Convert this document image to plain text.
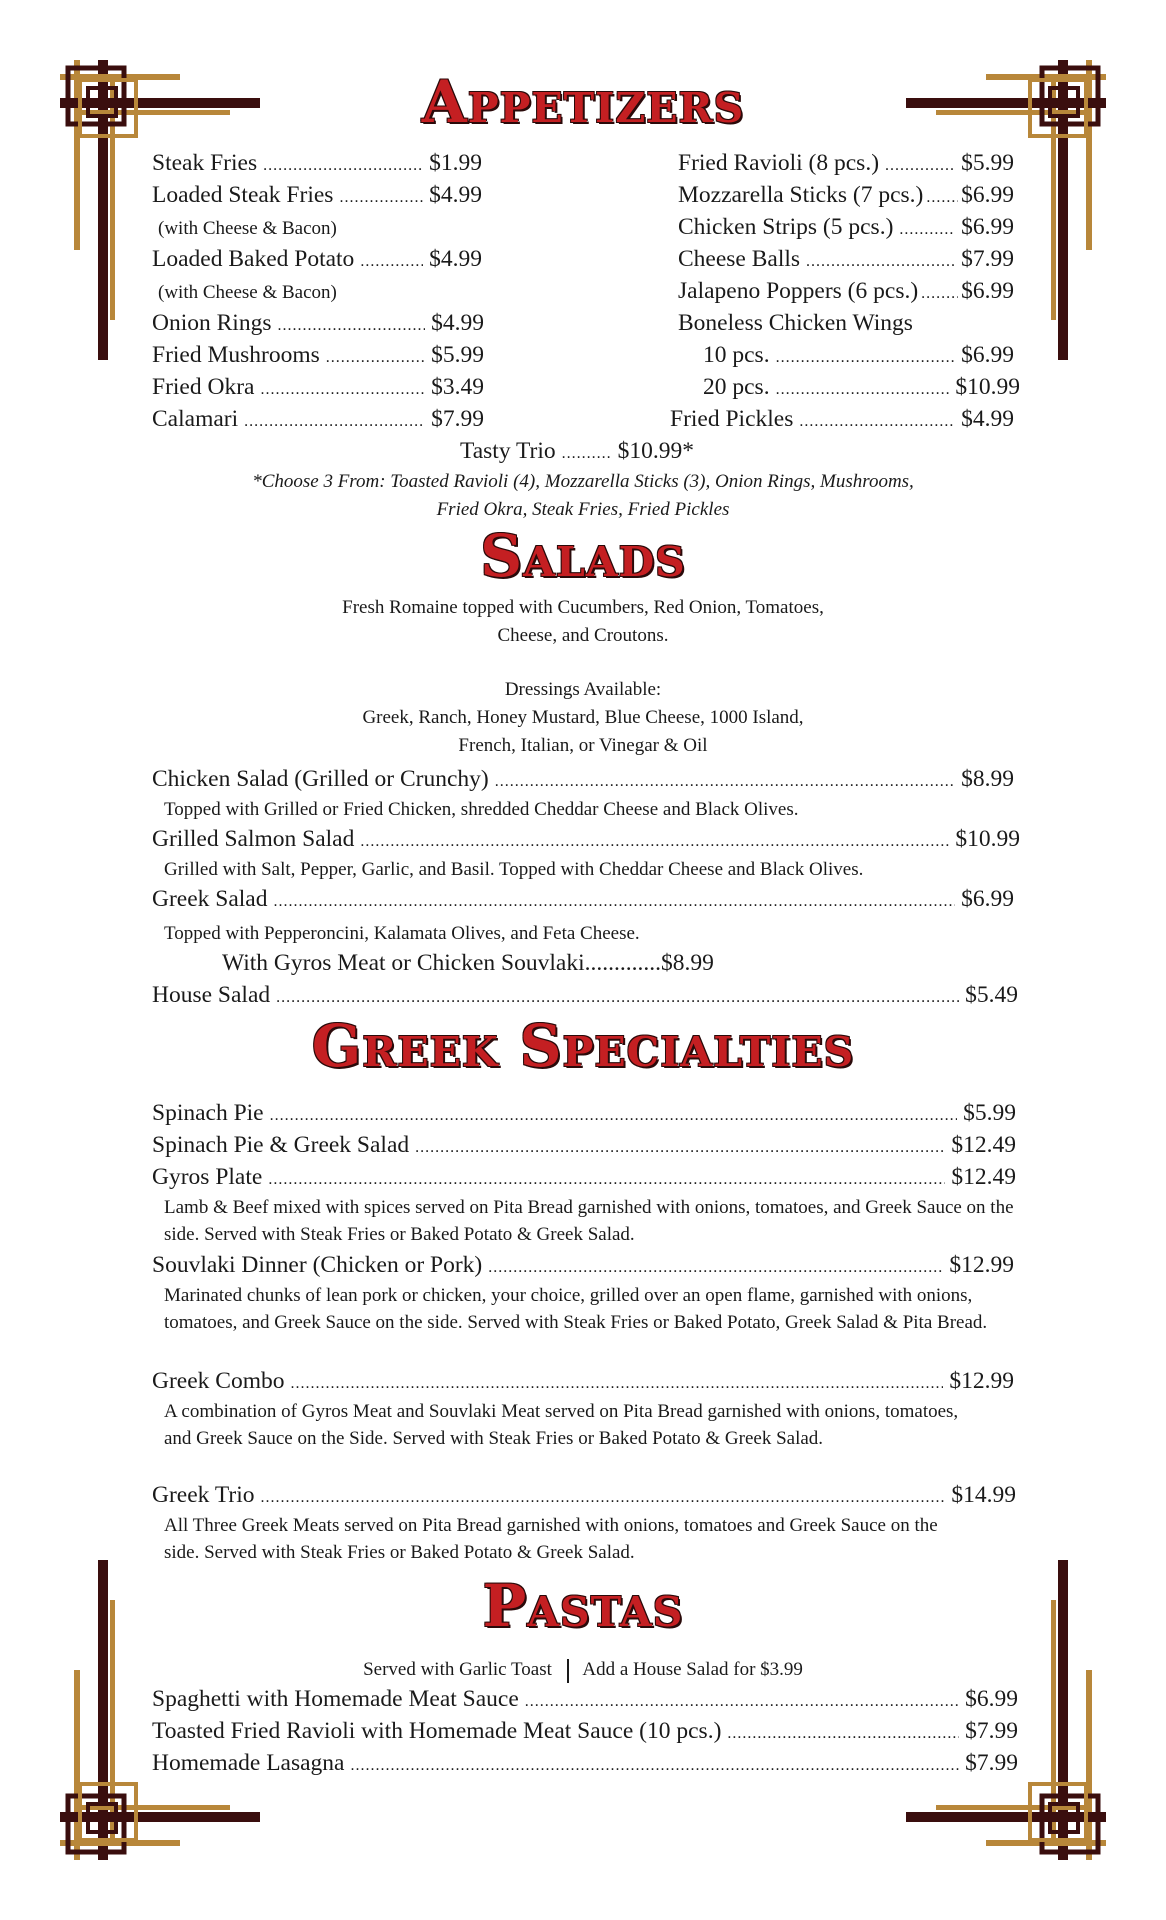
Appetizers
Steak Fries .....	$1.99
Loaded Steak Fries .....	$4.99
(with Cheese & Bacon)
Loaded Baked Potato .....	$4.99
(with Cheese & Bacon)
Onion Rings .....	$4.99
Fried Mushrooms .....	$5.99
Fried Okra .....	$3.49
Calamari .....	$7.99
Fried Ravioli (8 pcs.) .....	$5.99
Mozzarella Sticks (7 pcs.) ..... $6.99
Chicken Strips (5 pcs.) .....	$6.99
Cheese Balls .....	$7.99
Jalapeno Poppers (6 pcs.) ..... $6.99
Boneless Chicken Wings
10 pcs. .....	$6.99
20 pcs. .....	$10.99
Fried Pickles .....	$4.99
Tasty Trio .....	$10.99*
*Choose 3 From: Toasted Ravioli (4), Mozzarella Sticks (3), Onion Rings, Mushrooms,
Fried Okra, Steak Fries, Fried Pickles
Salads
Fresh Romaine topped with Cucumbers, Red Onion, Tomatoes,
Cheese, and Croutons.
Dressings Available:
Greek, Ranch, Honey Mustard, Blue Cheese, 1000 Island,
French, Italian, or Vinegar & Oil
Chicken Salad (Grilled or Crunchy) .....	$8.99
Topped with Grilled or Fried Chicken, shredded Cheddar Cheese and Black Olives.
Grilled Salmon Salad .....	$10.99
Grilled with Salt, Pepper, Garlic, and Basil. Topped with Cheddar Cheese and Black Olives.
Greek Salad .....	$6.99
Topped with Pepperoncini, Kalamata Olives, and Feta Cheese.
With Gyros Meat or Chicken Souvlaki.............$8.99
House Salad .....	$5.49
Greek Specialties
Spinach Pie .....	$5.99
Spinach Pie & Greek Salad .....	$12.49
Gyros Plate .....	$12.49
Lamb & Beef mixed with spices served on Pita Bread garnished with onions, tomatoes, and Greek Sauce on the side. Served with Steak Fries or Baked Potato & Greek Salad.
Souvlaki Dinner (Chicken or Pork) .....	$12.99
Marinated chunks of lean pork or chicken, your choice, grilled over an open flame, garnished with onions, tomatoes, and Greek Sauce on the side. Served with Steak Fries or Baked Potato, Greek Salad & Pita Bread.
Greek Combo .....	$12.99
A combination of Gyros Meat and Souvlaki Meat served on Pita Bread garnished with onions, tomatoes, and Greek Sauce on the Side. Served with Steak Fries or Baked Potato & Greek Salad.
Greek Trio .....	$14.99
All Three Greek Meats served on Pita Bread garnished with onions, tomatoes and Greek Sauce on the side. Served with Steak Fries or Baked Potato & Greek Salad.
Pastas
Served with Garlic Toast Add a House Salad for $3.99
Spaghetti with Homemade Meat Sauce .....	$6.99
Toasted Fried Ravioli with Homemade Meat Sauce (10 pcs.) .....	$7.99
Homemade Lasagna .....	$7.99
